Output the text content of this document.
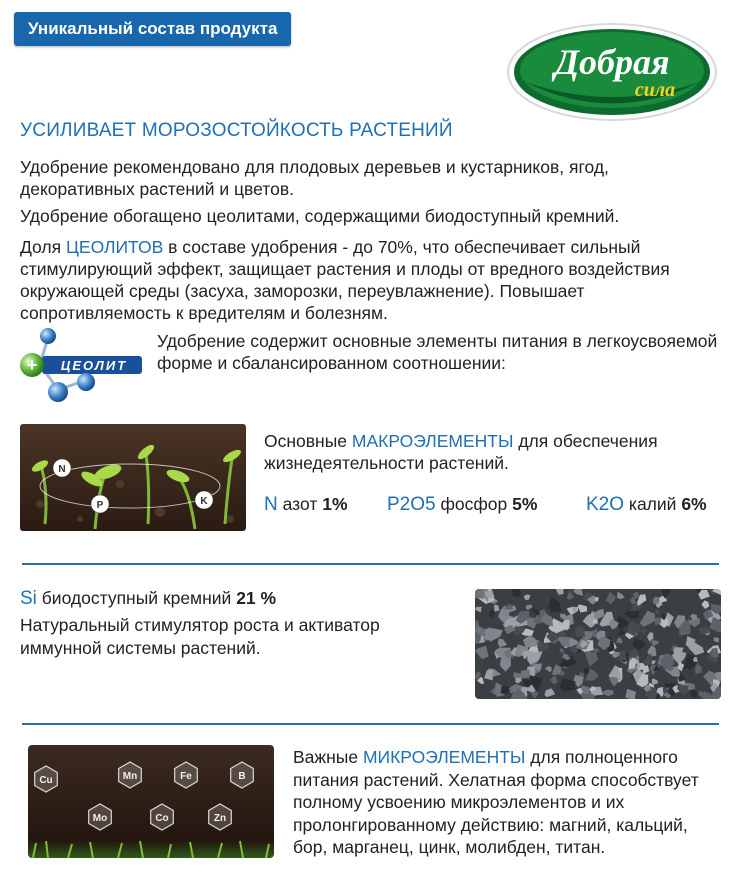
Уникальный состав продукта
Добрая
сила
УСИЛИВАЕТ МОРОЗОСТОЙКОСТЬ РАСТЕНИЙ
Удобрение рекомендовано для плодовых деревьев и кустарников, ягод, декоративных растений и цветов.
Удобрение обогащено цеолитами, содержащими биодоступный кремний.
Доля ЦЕОЛИТОВ в составе удобрения - до 70%, что обеспечивает сильный стимулирующий эффект, защищает растения и плоды от вредного воздействия окружающей среды (засуха, заморозки, переувлажнение). Повышает сопротивляемость к вредителям и болезням.
ЦЕОЛИТ
+
Удобрение содержит основные элементы питания в легкоусвояемой форме и сбалансированном соотношении:
N
P	K
Основные МАКРОЭЛЕМЕНТЫ для обеспечения жизнедеятельности растений.
N азот 1% P2O5 фосфор 5%	K2O калий 6%
Si биодоступный кремний 21 %
Натуральный стимулятор роста и активатор иммунной системы растений.
Cu	Mn	Fe	B
Mo	Co	Zn
Важные МИКРОЭЛЕМЕНТЫ для полноценного питания растений. Хелатная форма способствует полному усвоению микроэлементов и их пролонгированному действию: магний, кальций, бор, марганец, цинк, молибден, титан.
